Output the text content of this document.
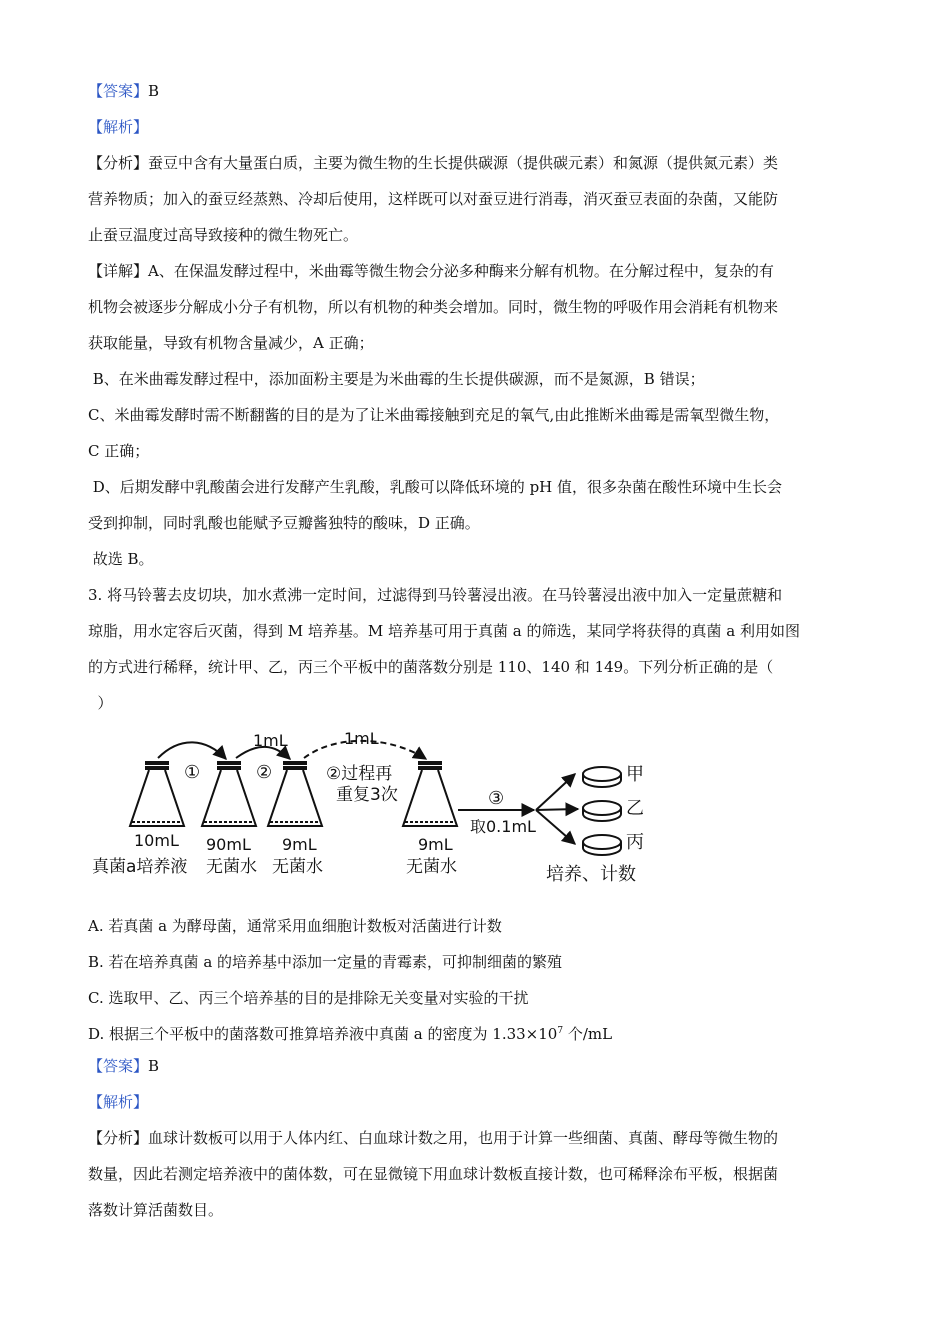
【答案】B
【解析】
【分析】蚕豆中含有大量蛋白质，主要为微生物的生长提供碳源（提供碳元素）和氮源（提供氮元素）类
营养物质；加入的蚕豆经蒸熟、冷却后使用，这样既可以对蚕豆进行消毒，消灭蚕豆表面的杂菌，又能防
止蚕豆温度过高导致接种的微生物死亡。
【详解】A、在保温发酵过程中，米曲霉等微生物会分泌多种酶来分解有机物。在分解过程中，复杂的有
机物会被逐步分解成小分子有机物，所以有机物的种类会增加。同时，微生物的呼吸作用会消耗有机物来
获取能量，导致有机物含量减少，A 正确；
B、在米曲霉发酵过程中，添加面粉主要是为米曲霉的生长提供碳源，而不是氮源，B 错误；
C、米曲霉发酵时需不断翻酱的目的是为了让米曲霉接触到充足的氧气,由此推断米曲霉是需氧型微生物，
C 正确；
D、后期发酵中乳酸菌会进行发酵产生乳酸，乳酸可以降低环境的 pH 值，很多杂菌在酸性环境中生长会
受到抑制，同时乳酸也能赋予豆瓣酱独特的酸味，D 正确。
故选 B。
3. 将马铃薯去皮切块，加水煮沸一定时间，过滤得到马铃薯浸出液。在马铃薯浸出液中加入一定量蔗糖和
琼脂，用水定容后灭菌，得到 M 培养基。M 培养基可用于真菌 a 的筛选，某同学将获得的真菌 a 利用如图
的方式进行稀释，统计甲、乙，丙三个平板中的菌落数分别是 110、140 和 149。下列分析正确的是（
）
1mL	1mL
①	②	②过程再
重复3次	③
取0.1mL
甲
乙
丙
10mL 90mL 9mL	9mL
真菌a培养液 无菌水 无菌水	无菌水	培养、计数
A. 若真菌 a 为酵母菌，通常采用血细胞计数板对活菌进行计数
B. 若在培养真菌 a 的培养基中添加一定量的青霉素，可抑制细菌的繁殖
C. 选取甲、乙、丙三个培养基的目的是排除无关变量对实验的干扰
D. 根据三个平板中的菌落数可推算培养液中真菌 a 的密度为 $1.33\times 10^7$ 个/mL
【答案】B
【解析】
【分析】血球计数板可以用于人体内红、白血球计数之用，也用于计算一些细菌、真菌、酵母等微生物的
数量，因此若测定培养液中的菌体数，可在显微镜下用血球计数板直接计数，也可稀释涂布平板，根据菌
落数计算活菌数目。
